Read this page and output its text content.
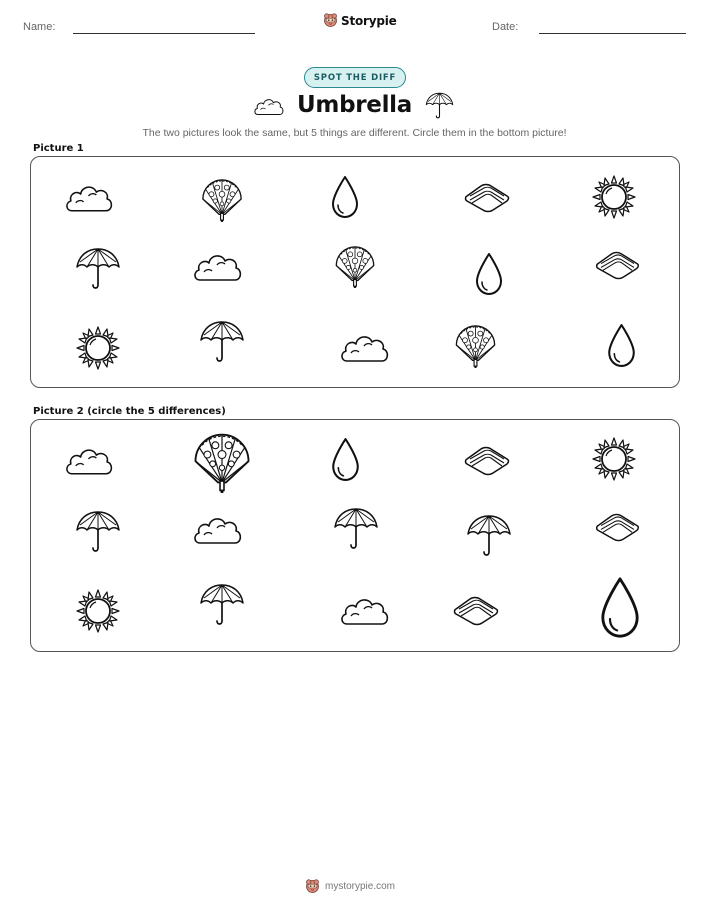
Name:	Storypie	Date:
SPOT THE DIFF
Umbrella
The two pictures look the same, but 5 things are different. Circle them in the bottom picture!
Picture 1
Picture 2 (circle the 5 differences)
mystorypie.com
